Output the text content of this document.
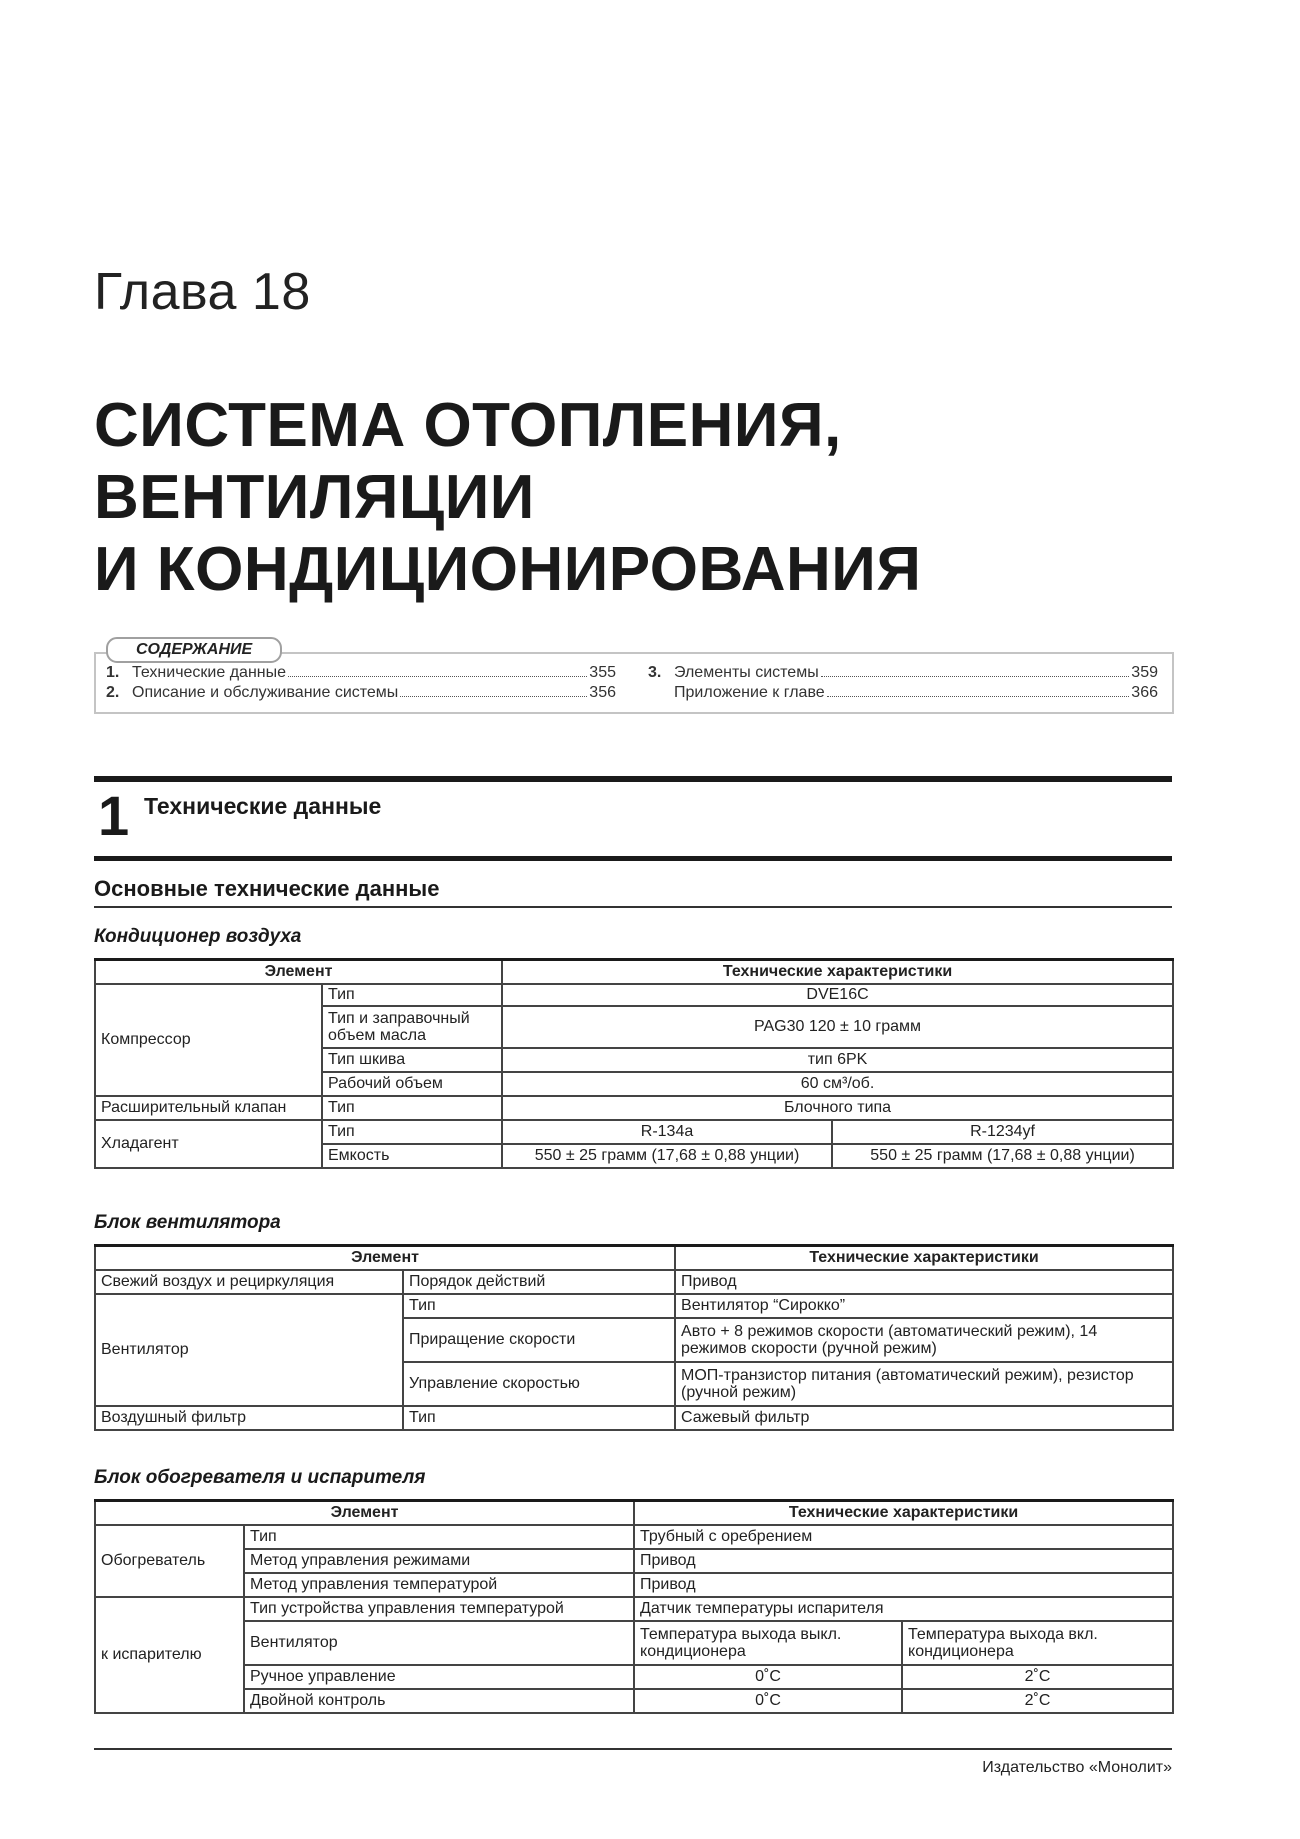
Глава 18
СИСТЕМА ОТОПЛЕНИЯ,
ВЕНТИЛЯЦИИ
И КОНДИЦИОНИРОВАНИЯ
СОДЕРЖАНИЕ
1. Технические данные	355
2. Описание и обслуживание системы	356
3. Элементы системы	359
Приложение к главе	366
1 Технические данные
Основные технические данные
Кондиционер воздуха
Элемент		Технические характеристики	
Компрессор	Тип	DVE16C	
	Тип и заправочный объем масла	PAG30 120 ± 10 грамм	
	Тип шкива	тип 6PK	
	Рабочий объем	60 см³/об.	
Расширительный клапан	Тип	Блочного типа	
Хладагент	Тип	R-134a	R-1234yf
	Емкость	550 ± 25 грамм (17,68 ± 0,88 унции)	550 ± 25 грамм (17,68 ± 0,88 унции)
Блок вентилятора
Элемент		Технические характеристики
Свежий воздух и рециркуляция	Порядок действий	Привод
Вентилятор	Тип	Вентилятор “Сирокко”
	Приращение скорости	Авто + 8 режимов скорости (автоматический режим), 14 режимов скорости (ручной режим)
	Управление скоростью	МОП-транзистор питания (автоматический режим), резистор (ручной режим)
Воздушный фильтр	Тип	Сажевый фильтр
Блок обогревателя и испарителя
Элемент		Технические характеристики	
Обогреватель	Тип	Трубный с оребрением	
	Метод управления режимами	Привод	
	Метод управления температурой	Привод	
к испарителю	Тип устройства управления температурой	Датчик температуры испарителя	
	Вентилятор	Температура выхода выкл. кондиционера	Температура выхода вкл. кондиционера
	Ручное управление	0˚C	2˚C
	Двойной контроль	0˚C	2˚C
Издательство «Монолит»
